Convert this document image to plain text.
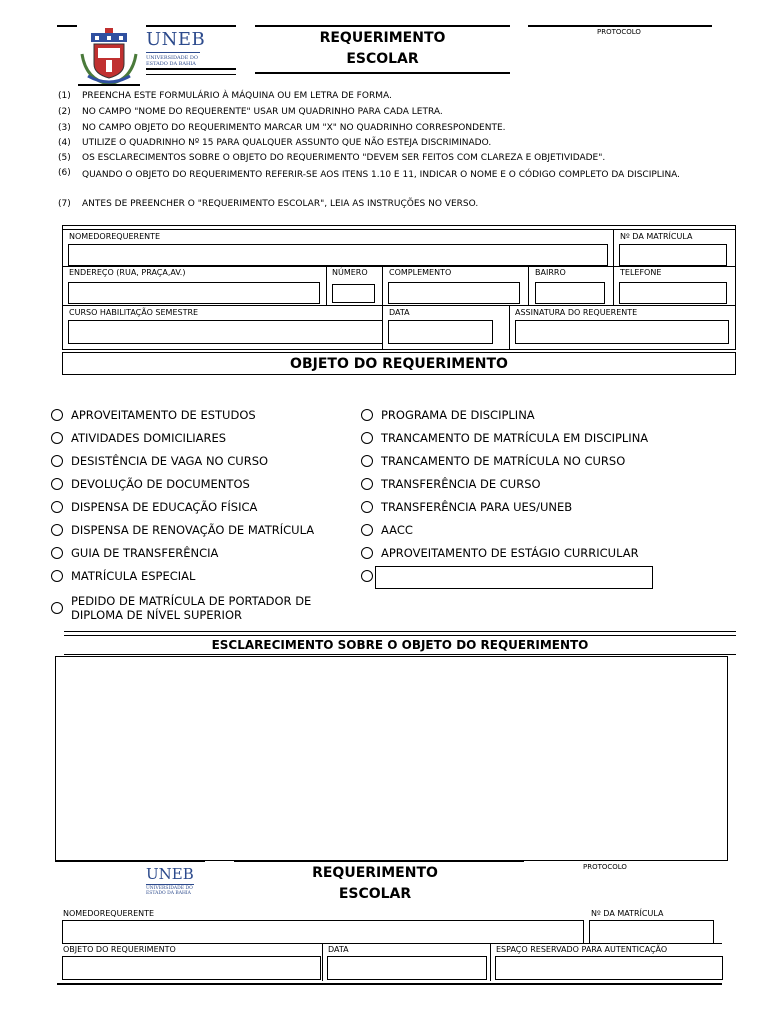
UNEB
UNIVERSIDADE DO ESTADO DA BAHIA
REQUERIMENTO
ESCOLAR
PROTOCOLO
(1) PREENCHA ESTE FORMULÁRIO À MÁQUINA OU EM LETRA DE FORMA.
(2) NO CAMPO "NOME DO REQUERENTE" USAR UM QUADRINHO PARA CADA LETRA.
(3) NO CAMPO OBJETO DO REQUERIMENTO MARCAR UM "X" NO QUADRINHO CORRESPONDENTE.
(4) UTILIZE O QUADRINHO Nº 15 PARA QUALQUER ASSUNTO QUE NÃO ESTEJA DISCRIMINADO.
(5) OS ESCLARECIMENTOS SOBRE O OBJETO DO REQUERIMENTO "DEVEM SER FEITOS COM CLAREZA E OBJETIVIDADE".
(6) QUANDO O OBJETO DO REQUERIMENTO REFERIR-SE AOS ITENS 1.10 E 11, INDICAR O NOME E O CÓDIGO COMPLETO DA DISCIPLINA.
(7) ANTES DE PREENCHER O "REQUERIMENTO ESCOLAR", LEIA AS INSTRUÇÕES NO VERSO.
NOMEDOREQUERENTE	Nº DA MATRÍCULA
ENDEREÇO (RUA, PRAÇA,AV.)	NÚMERO	COMPLEMENTO	BAIRRO	TELEFONE
CURSO HABILITAÇÃO SEMESTRE	DATA	ASSINATURA DO REQUERENTE
OBJETO DO REQUERIMENTO
APROVEITAMENTO DE ESTUDOS
ATIVIDADES DOMICILIARES
DESISTÊNCIA DE VAGA NO CURSO
DEVOLUÇÃO DE DOCUMENTOS
DISPENSA DE EDUCAÇÃO FÍSICA
DISPENSA DE RENOVAÇÃO DE MATRÍCULA
GUIA DE TRANSFERÊNCIA
MATRÍCULA ESPECIAL
PEDIDO DE MATRÍCULA DE PORTADOR DE DIPLOMA DE NÍVEL SUPERIOR
PROGRAMA DE DISCIPLINA
TRANCAMENTO DE MATRÍCULA EM DISCIPLINA
TRANCAMENTO DE MATRÍCULA NO CURSO
TRANSFERÊNCIA DE CURSO
TRANSFERÊNCIA PARA UES/UNEB
AACC
APROVEITAMENTO DE ESTÁGIO CURRICULAR
ESCLARECIMENTO SOBRE O OBJETO DO REQUERIMENTO
UNEB
UNIVERSIDADE DO ESTADO DA BAHIA
REQUERIMENTO
ESCOLAR
PROTOCOLO
NOMEDOREQUERENTE	Nº DA MATRÍCULA
OBJETO DO REQUERIMENTO	DATA	ESPAÇO RESERVADO PARA AUTENTICAÇÃO
